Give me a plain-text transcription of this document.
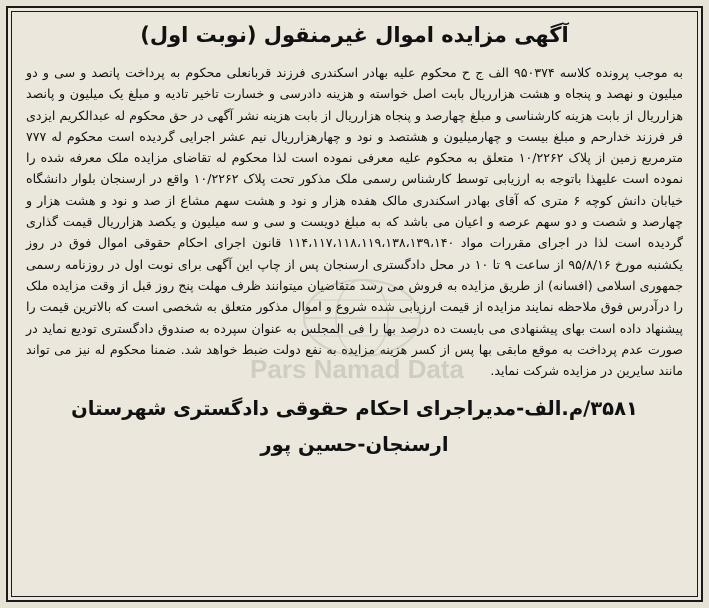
Pars Namad Data
آگهی مزایده اموال غیرمنقول (نوبت اول)

به موجب پرونده کلاسه ۹۵۰۳۷۴ الف ج ح محکوم علیه بهادر اسکندری فرزند قربانعلی محکوم به پرداخت پانصد و سی و دو میلیون و نهصد و پنجاه و هشت هزارریال بابت اصل خواسته و هزینه دادرسی و خسارت تاخیر تادیه و مبلغ یک میلیون و پانصد هزارریال از بابت هزینه کارشناسی و مبلغ چهارصد و پنجاه هزارریال از بابت هزینه نشر آگهی در حق محکوم له عبدالکریم ایزدی فر فرزند خدارحم و مبلغ بیست و چهارمیلیون و هشتصد و نود و چهارهزارریال نیم عشر اجرایی گردیده است محکوم له ۷۷۷ مترمربع زمین از پلاک ۱۰/۲۲۶۲ متعلق به محکوم علیه معرفی نموده است لذا محکوم له تقاضای مزایده ملک معرفه شده را نموده است علیهذا باتوجه به ارزیابی توسط کارشناس رسمی ملک مذکور تحت پلاک ۱۰/۲۲۶۲ واقع در ارسنجان بلوار دانشگاه خیابان دانش کوچه ۶ متری که آقای بهادر اسکندری مالک هفده هزار و نود و هشت سهم مشاع از صد و نود و هشت هزار و چهارصد و شصت و دو سهم عرصه و اعیان می باشد که به مبلغ دویست و سی و سه میلیون و یکصد هزارریال قیمت گذاری گردیده است لذا در اجرای مقررات مواد ۱۱۴،۱۱۷،۱۱۸،۱۱۹،۱۳۸،۱۳۹،۱۴۰ قانون اجرای احکام حقوقی اموال فوق در روز یکشنبه مورخ ۹۵/۸/۱۶ از ساعت ۹ تا ۱۰ در محل دادگستری ارسنجان پس از چاپ این آگهی برای نوبت اول در روزنامه رسمی جمهوری اسلامی (افسانه) از طریق مزایده به فروش می رسد متقاضیان میتوانند ظرف مهلت پنج روز قبل از وقت مزایده ملک را درآدرس فوق ملاحظه نمایند مزایده از قیمت ارزیابی شده شروع و اموال مذکور متعلق به شخصی است که بالاترین قیمت را پیشنهاد داده است بهای پیشنهادی می بایست ده درصد بها را فی المجلس به عنوان سپرده به صندوق دادگستری تودیع نماید در صورت عدم پرداخت به موقع مابقی بها پس از کسر هزینه مزایده به نفع دولت ضبط خواهد شد. ضمنا محکوم له نیز می تواند مانند سایرین در مزایده شرکت نماید.

۳۵۸۱/م.الف-مدیراجرای احکام حقوقی دادگستری شهرستان
ارسنجان-حسین پور
